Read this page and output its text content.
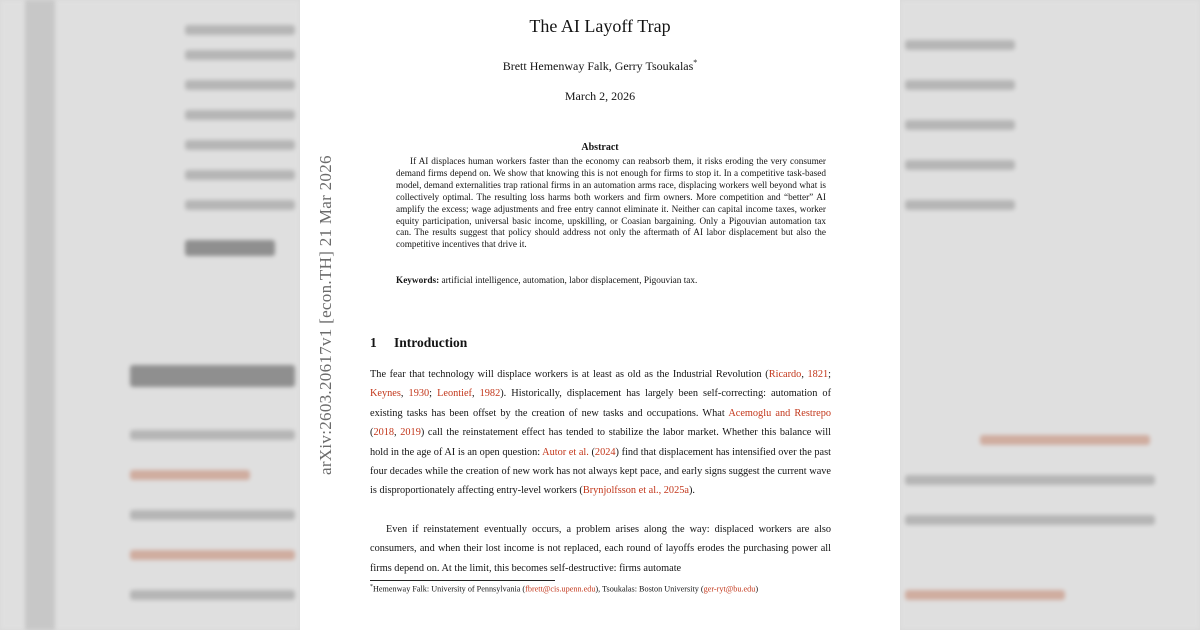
The AI Layoff Trap
Brett Hemenway Falk, Gerry Tsoukalas*
March 2, 2026
arXiv:2603.20617v1 [econ.TH] 21 Mar 2026
Abstract
If AI displaces human workers faster than the economy can reabsorb them, it risks eroding the very consumer demand firms depend on. We show that knowing this is not enough for firms to stop it. In a competitive task-based model, demand externalities trap rational firms in an automation arms race, displacing workers well beyond what is collectively optimal. The resulting loss harms both workers and firm owners. More competition and “better” AI amplify the excess; wage adjustments and free entry cannot eliminate it. Neither can capital income taxes, worker equity participation, universal basic income, upskilling, or Coasian bargaining. Only a Pigouvian automation tax can. The results suggest that policy should address not only the aftermath of AI labor displacement but also the competitive incentives that drive it.
Keywords: artificial intelligence, automation, labor displacement, Pigouvian tax.
1 Introduction

The fear that technology will displace workers is at least as old as the Industrial Revolution (Ricardo, 1821; Keynes, 1930; Leontief, 1982). Historically, displacement has largely been self-correcting: automation of existing tasks has been offset by the creation of new tasks and occupations. What Acemoglu and Restrepo (2018, 2019) call the reinstatement effect has tended to stabilize the labor market. Whether this balance will hold in the age of AI is an open question: Autor et al. (2024) find that displacement has intensified over the past four decades while the creation of new work has not always kept pace, and early signs suggest the current wave is disproportionately affecting entry-level workers (Brynjolfsson et al., 2025a).

Even if reinstatement eventually occurs, a problem arises along the way: displaced workers are also consumers, and when their lost income is not replaced, each round of layoffs erodes the purchasing power all firms depend on. At the limit, this becomes self-destructive: firms automate

*Hemenway Falk: University of Pennsylvania (fbrett@cis.upenn.edu), Tsoukalas: Boston University (ger-ryt@bu.edu)
